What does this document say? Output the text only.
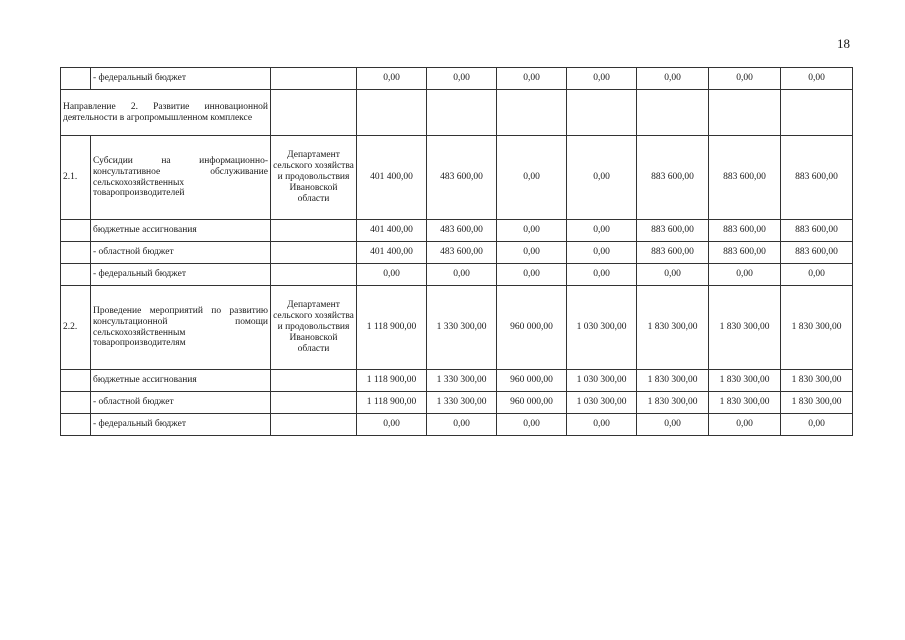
18
	- федеральный бюджет		0,00	0,00	0,00	0,00	0,00	0,00	0,00
Направление 2. Развитие инновационной деятельности в агропромышленном комплексе									
2.1.	Субсидии на информационно-консультативное обслуживание сельскохозяйственных товаропроизводителей	Департамент сельского хозяйства и продовольствия Ивановской области	401 400,00	483 600,00	0,00	0,00	883 600,00	883 600,00	883 600,00
	бюджетные ассигнования		401 400,00	483 600,00	0,00	0,00	883 600,00	883 600,00	883 600,00
	- областной бюджет		401 400,00	483 600,00	0,00	0,00	883 600,00	883 600,00	883 600,00
	- федеральный бюджет		0,00	0,00	0,00	0,00	0,00	0,00	0,00
2.2.	Проведение мероприятий по развитию консультационной помощи сельскохозяйственным товаропроизводителям	Департамент сельского хозяйства и продовольствия Ивановской области	1 118 900,00	1 330 300,00	960 000,00	1 030 300,00	1 830 300,00	1 830 300,00	1 830 300,00
	бюджетные ассигнования		1 118 900,00	1 330 300,00	960 000,00	1 030 300,00	1 830 300,00	1 830 300,00	1 830 300,00
	- областной бюджет		1 118 900,00	1 330 300,00	960 000,00	1 030 300,00	1 830 300,00	1 830 300,00	1 830 300,00
	- федеральный бюджет		0,00	0,00	0,00	0,00	0,00	0,00	0,00
